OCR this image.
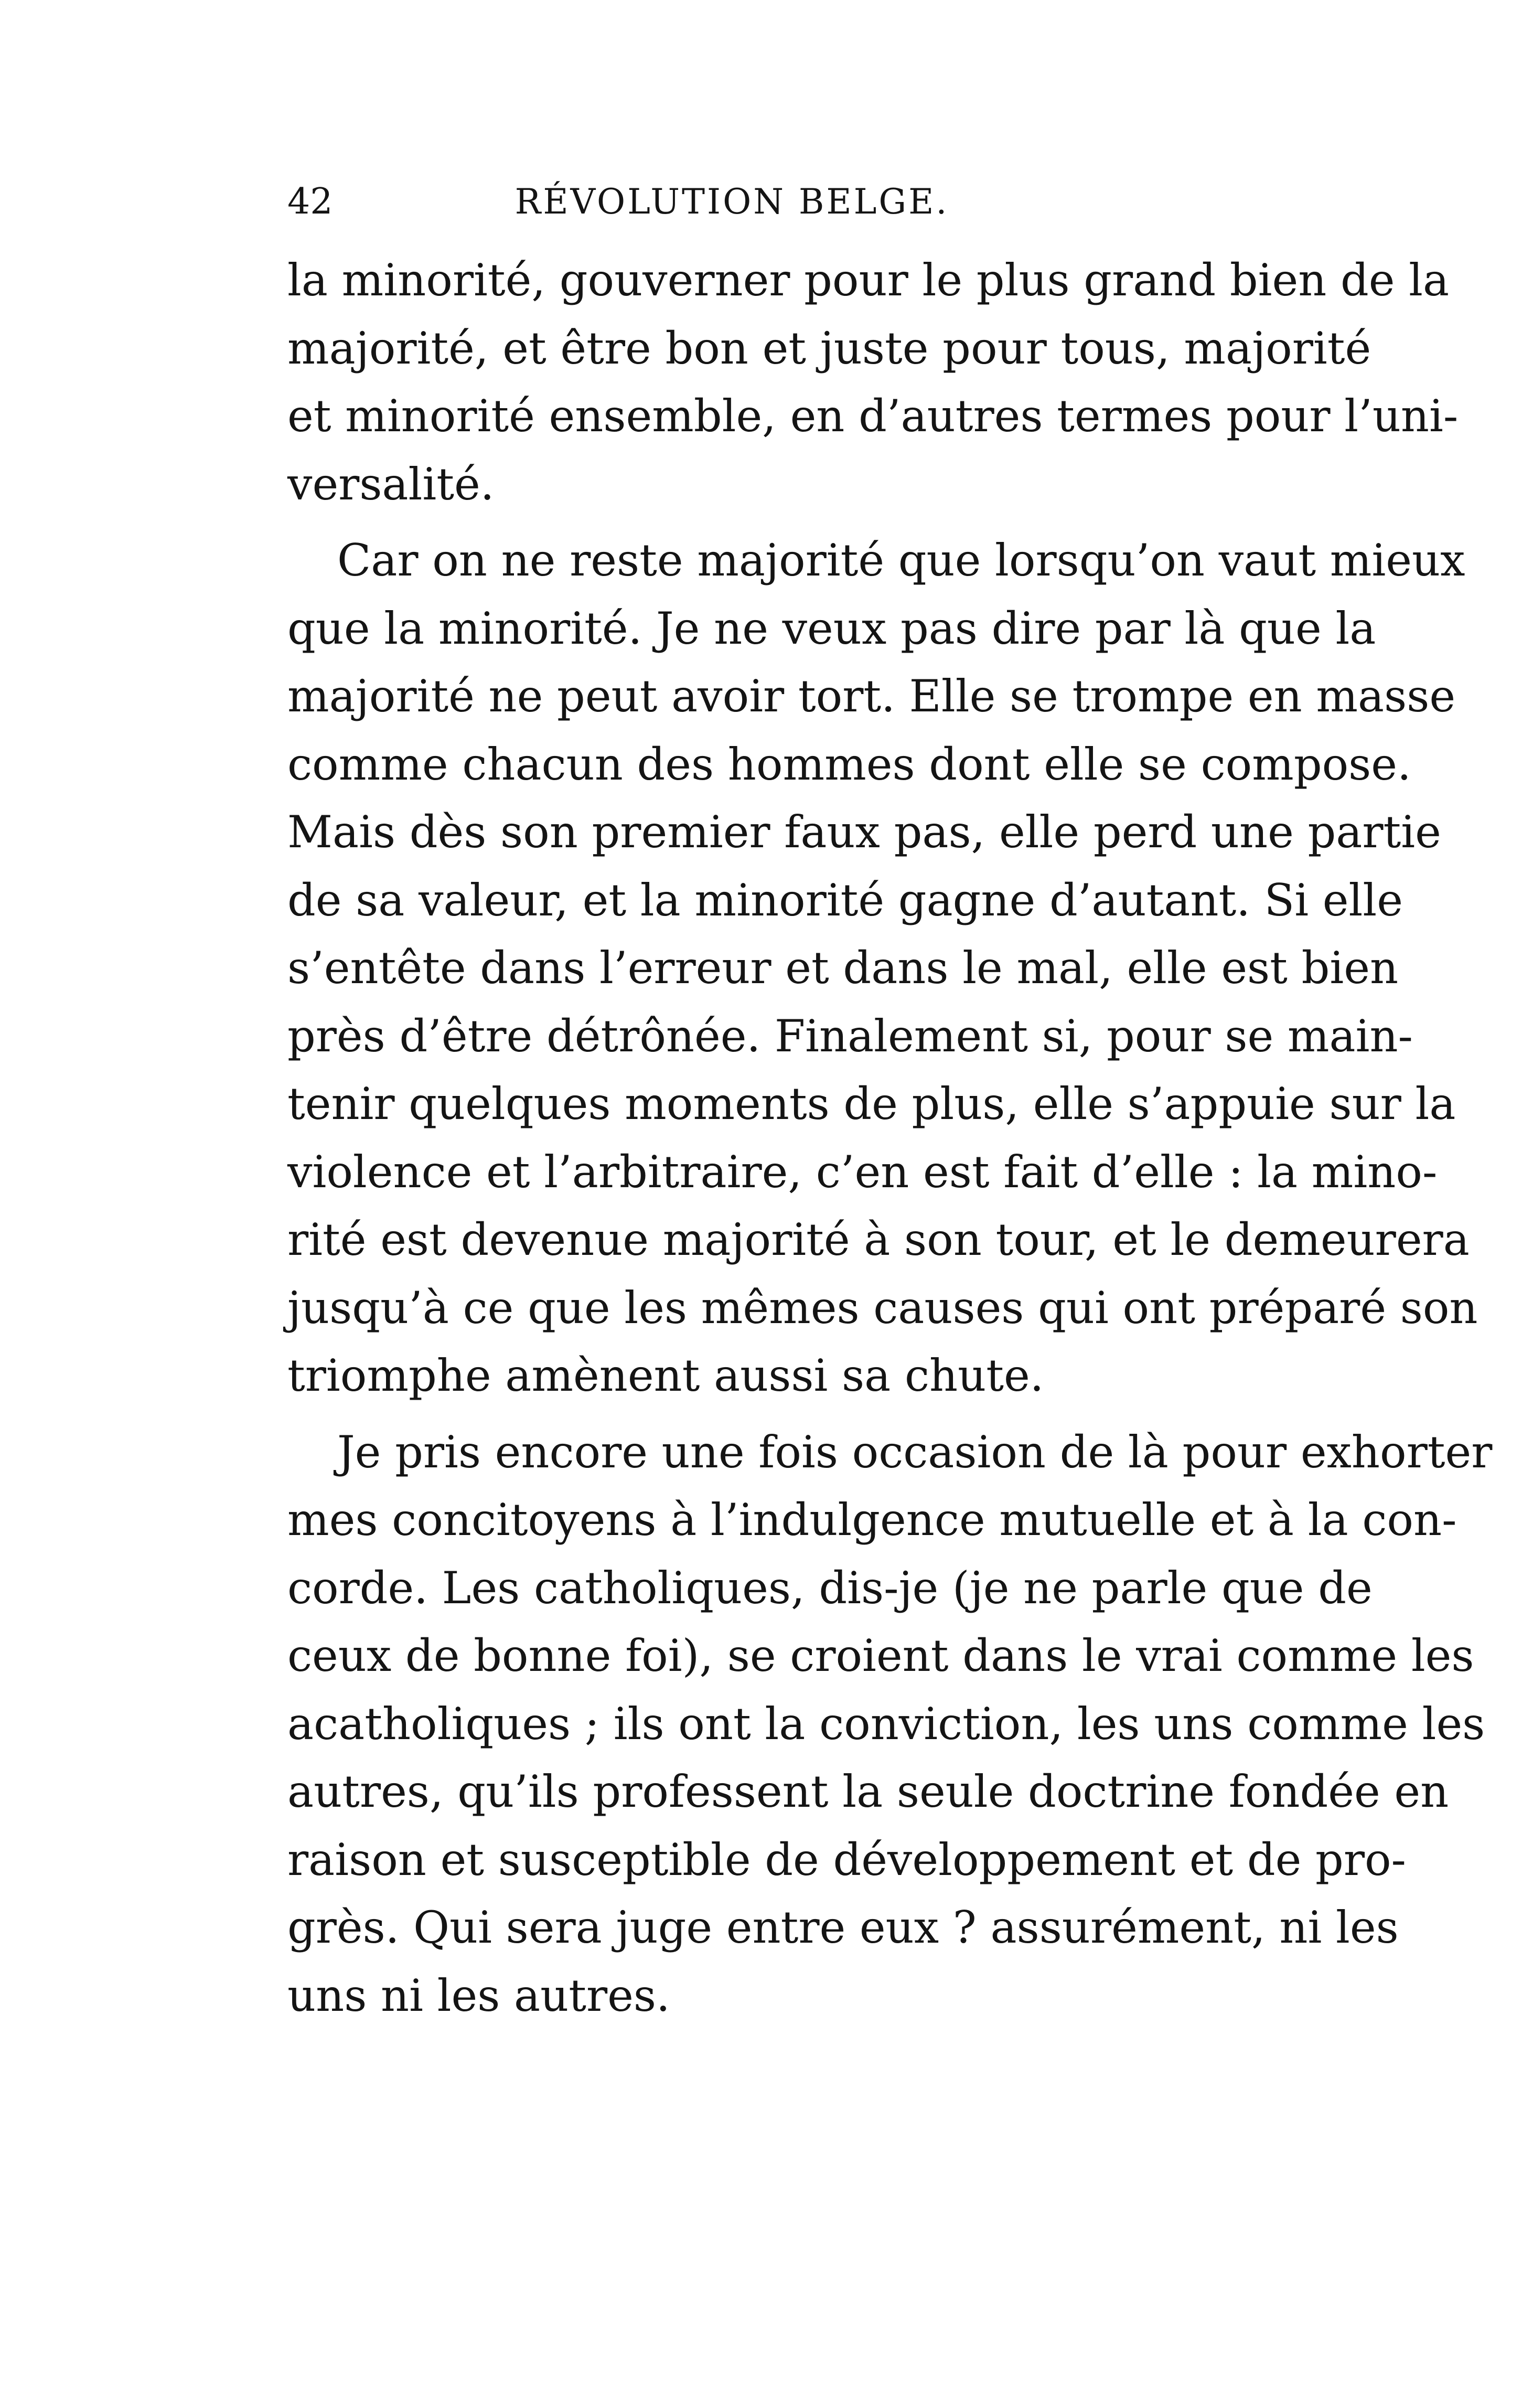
42	RÉVOLUTION BELGE.
la minorité, gouverner pour le plus grand bien de la
majorité, et être bon et juste pour tous, majorité
et minorité ensemble, en d’autres termes pour l’uni-
versalité.
Car on ne reste majorité que lorsqu’on vaut mieux
que la minorité. Je ne veux pas dire par là que la
majorité ne peut avoir tort. Elle se trompe en masse
comme chacun des hommes dont elle se compose.
Mais dès son premier faux pas, elle perd une partie
de sa valeur, et la minorité gagne d’autant. Si elle
s’entête dans l’erreur et dans le mal, elle est bien
près d’être détrônée. Finalement si, pour se main-
tenir quelques moments de plus, elle s’appuie sur la
violence et l’arbitraire, c’en est fait d’elle : la mino-
rité est devenue majorité à son tour, et le demeurera
jusqu’à ce que les mêmes causes qui ont préparé son
triomphe amènent aussi sa chute.
Je pris encore une fois occasion de là pour exhorter
mes concitoyens à l’indulgence mutuelle et à la con-
corde. Les catholiques, dis-je (je ne parle que de
ceux de bonne foi), se croient dans le vrai comme les
acatholiques ; ils ont la conviction, les uns comme les
autres, qu’ils professent la seule doctrine fondée en
raison et susceptible de développement et de pro-
grès. Qui sera juge entre eux ? assurément, ni les
uns ni les autres.
